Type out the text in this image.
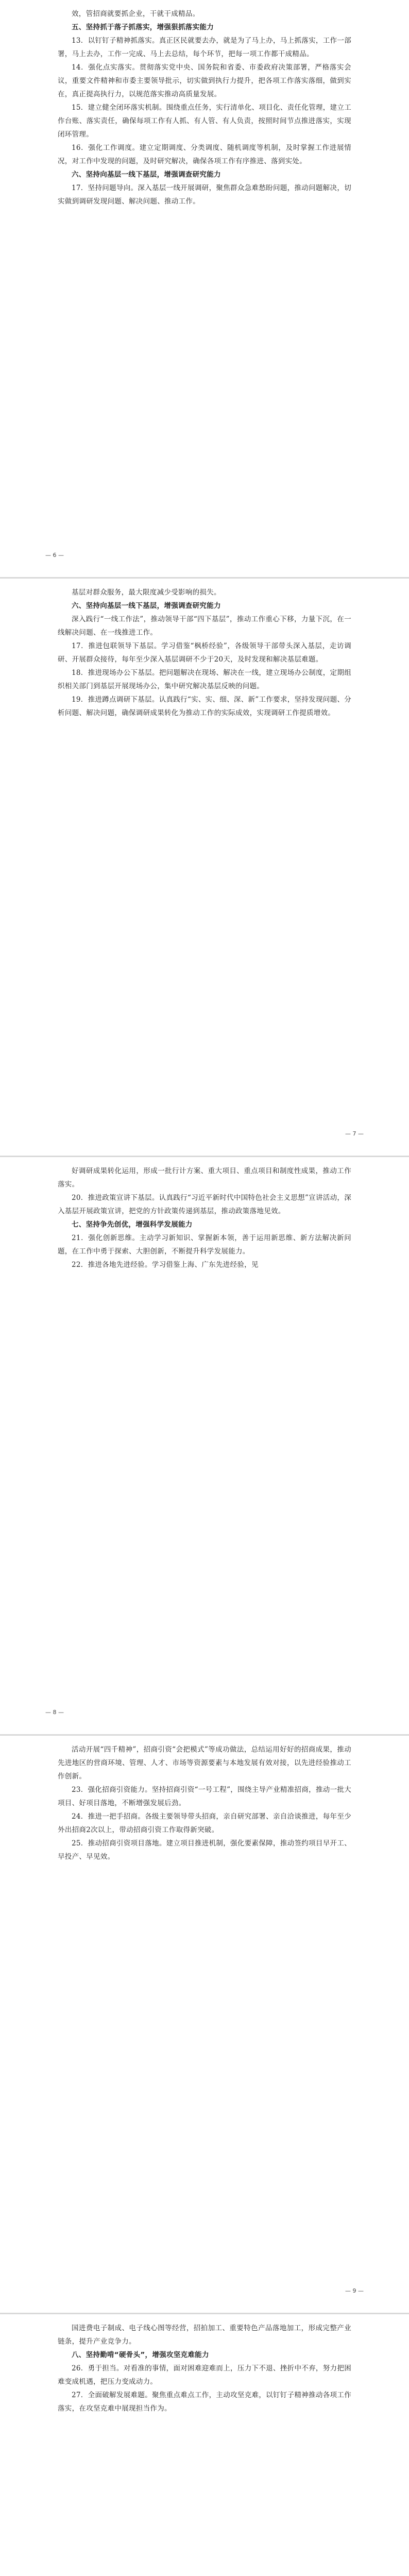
效，管招商就要抓企业，干就干成精品。

五、坚持抓于落子抓落实，增强狠抓落实能力

13．以钉钉子精神抓落实。真正区民就要去办，就是为了马上办，马上抓落实，工作一部署，马上去办，工作一完成、马上去总结，每个环节，把每一项工作都干成精品。

14．强化点实落实。贯彻落实党中央、国务院和省委、市委政府决策部署，严格落实会议，重要文件精神和市委主要领导批示，切实做到执行力提升，把各项工作落实落细，做到实在，真正提高执行力，以规范落实推动高质量发展。

15．建立健全闭环落实机制。围绕重点任务，实行清单化、项目化、责任化管理，建立工作台账、落实责任，确保每项工作有人抓、有人管、有人负责，按照时间节点推进落实，实现闭环管理。

16．强化工作调度。建立定期调度、分类调度、随机调度等机制，及时掌握工作进展情况，对工作中发现的问题，及时研究解决，确保各项工作有序推进、落到实处。

六、坚持向基层一线下基层，增强调查研究能力

17．坚持问题导向。深入基层一线开展调研，聚焦群众急难愁盼问题，推动问题解决，切实做到调研发现问题、解决问题、推动工作。

— 6 —

基层对群众服务，最大限度减少受影响的损失。

六、坚持向基层一线下基层，增强调查研究能力

深入践行“一线工作法”，推动领导干部“四下基层”，推动工作重心下移，力量下沉，在一线解决问题、在一线推进工作。

17．推进包联领导下基层。学习借鉴“枫桥经验”，各级领导干部带头深入基层，走访调研、开展群众接待，每年至少深入基层调研不少于20天，及时发现和解决基层难题。

18．推进现场办公下基层。把问题解决在现场、解决在一线，建立现场办公制度，定期组织相关部门到基层开展现场办公，集中研究解决基层反映的问题。

19．推进蹲点调研下基层。认真践行“实、实、细、深、新”工作要求，坚持发现问题、分析问题、解决问题，确保调研成果转化为推动工作的实际成效，实现调研工作提质增效。

— 7 —

好调研成果转化运用，形成一批行计方案、重大项目、重点项目和制度性成果，推动工作落实。

20．推进政策宣讲下基层。认真践行“习近平新时代中国特色社会主义思想”宣讲活动，深入基层开展政策宣讲，把党的方针政策传递到基层，推动政策落地见效。

七、坚持争先创优，增强科学发展能力

21．强化创新思维。主动学习新知识、掌握新本领，善于运用新思维、新方法解决新问题，在工作中勇于探索、大胆创新，不断提升科学发展能力。

22．推进各地先进经验。学习借鉴上海、广东先进经验，见

— 8 —

活动开展“四千精神”，招商引资“会把模式”等成功做法，总结运用好好的招商成果，推动先进地区的营商环境、管理、人才、市场等资源要素与本地发展有效对接，以先进经验推动工作创新。

23．强化招商引资能力。坚持招商引资“一号工程”，围绕主导产业精准招商，推动一批大项目、好项目落地，不断增强发展后劲。

24．推进一把手招商。各级主要领导带头招商，亲自研究部署、亲自洽谈推进，每年至少外出招商2次以上，带动招商引资工作取得新突破。

25．推动招商引资项目落地。建立项目推进机制，强化要素保障，推动签约项目早开工、早投产、早见效。

— 9 —

国进费电子制成、电子线心图等经营，招拍加工、重要特色产品落地加工，形成完整产业链条，提升产业竞争力。

八、坚持勤啃“硬骨头”，增强攻坚克难能力

26．勇于担当。对看准的事情，面对困难迎难而上，压力下不退、挫折中不弃，努力把困难变成机遇，把压力变成动力。

27．全面破解发展难题。聚焦重点难点工作，主动攻坚克难，以钉钉子精神推动各项工作落实，在攻坚克难中展现担当作为。
